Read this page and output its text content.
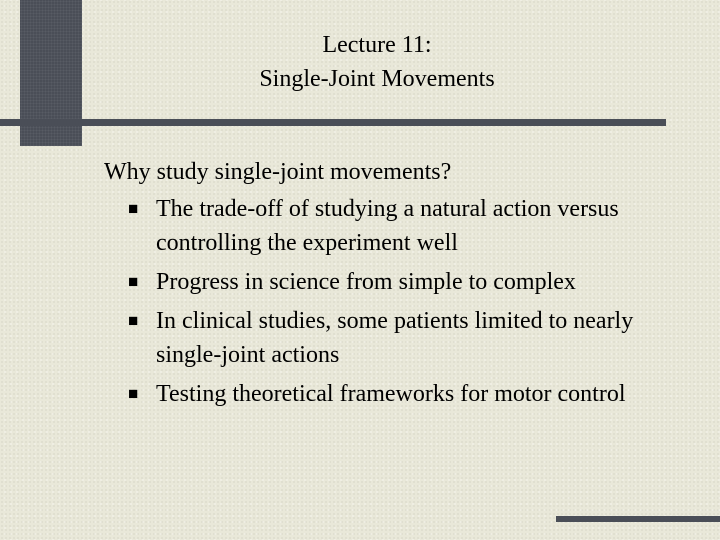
Lecture 11:
Single-Joint Movements
Why study single-joint movements?
■ The trade-off of studying a natural action versus controlling the experiment well
■ Progress in science from simple to complex
■ In clinical studies, some patients limited to nearly single-joint actions
■ Testing theoretical frameworks for motor control
